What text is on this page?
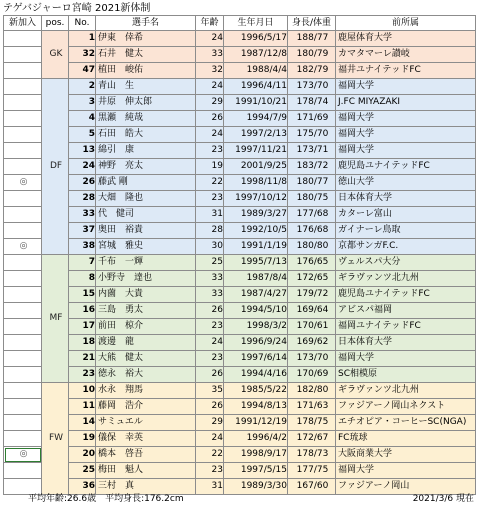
テゲバジャーロ宮崎 2021新体制
新加入	pos.	No.	選手名	年齢	生年月日	身長/体重	前所属
	GK	1	伊東　倖希	24	1996/5/17	188/77	鹿屋体育大学
		32	石井　健太	33	1987/12/8	180/79	カマタマーレ讃岐
		47	植田　峻佑	32	1988/4/4	182/79	福井ユナイテッドFC
	DF	2	青山　生	24	1996/4/11	173/70	福岡大学
		3	井原　伸太郎	29	1991/10/21	178/74	J.FC MIYAZAKI
		4	黒瀬　純哉	26	1994/7/9	171/69	福岡大学
		5	石田　皓大	24	1997/2/13	175/70	福岡大学
		13	綿引　康	23	1997/11/21	173/71	福岡大学
		24	神野　亮太	19	2001/9/25	183/72	鹿児島ユナイテッドFC
◎		26	藤武 剛	22	1998/11/8	180/77	徳山大学
		28	大畑　隆也	23	1997/10/12	180/75	日本体育大学
		33	代　健司	31	1989/3/27	177/68	カターレ富山
		37	奥田　裕貴	28	1992/10/5	176/68	ガイナーレ鳥取
◎		38	宮城　雅史	30	1991/1/19	180/80	京都サンガF.C.
	MF	7	千布　一輝	25	1995/7/13	176/65	ヴェルスパ大分
		8	小野寺　達也	33	1987/8/4	172/65	ギラヴァンツ北九州
		15	内薗　大貴	33	1987/4/27	179/72	鹿児島ユナイテッドFC
		16	三島　勇太	26	1994/5/10	169/64	アビスパ福岡
		17	前田　椋介	23	1998/3/2	170/61	福岡ユナイテッドFC
		18	渡邊　龍	24	1996/9/24	169/62	日本体育大学
		21	大熊　健太	23	1997/6/14	173/70	福岡大学
		23	徳永　裕大	26	1994/4/16	170/69	SC相模原
	FW	10	水永　翔馬	35	1985/5/22	182/80	ギラヴァンツ北九州
		11	藤岡　浩介	26	1994/8/13	171/63	ファジアーノ岡山ネクスト
		14	サミュエル	29	1991/12/19	178/75	エチオピア・コーヒーSC(NGA)
		19	儀保　幸英	24	1996/4/2	172/67	FC琉球
◎		20	橋本　啓吾	22	1998/9/17	178/73	大阪商業大学
		25	梅田　魁人	23	1997/5/15	177/75	福岡大学
		36	三村　真	31	1989/3/30	167/60	ファジアーノ岡山
平均年齢:26.6歳　平均身長:176.2cm	2021/3/6 現在
